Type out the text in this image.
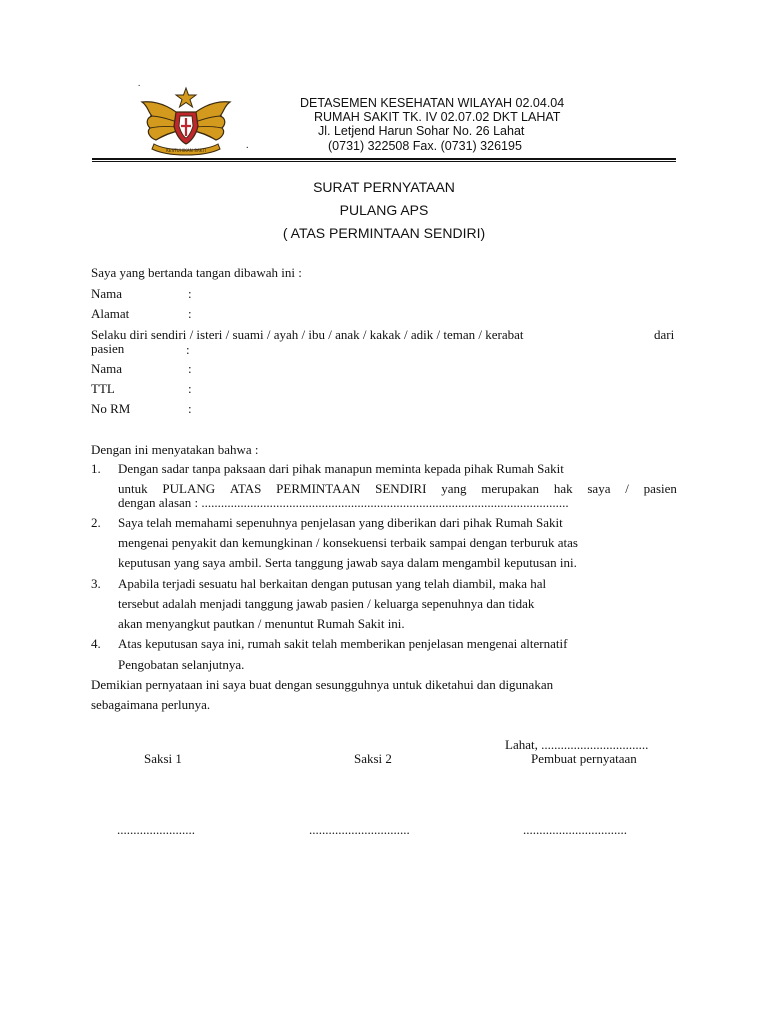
.
KESTUHIKAN SAKTI
DETASEMEN KESEHATAN WILAYAH 02.04.04
RUMAH SAKIT TK. IV 02.07.02 DKT LAHAT
Jl. Letjend Harun Sohar No. 26 Lahat
.	(0731) 322508 Fax. (0731) 326195
SURAT PERNYATAAN
PULANG APS
( ATAS PERMINTAAN SENDIRI)
Saya yang bertanda tangan dibawah ini :
Nama	:
Alamat	:
Selaku diri sendiri / isteri / suami / ayah / ibu / anak / kakak / adik / teman / kerabat	dari
pasien	:
Nama	:
TTL	:
No RM	:
Dengan ini menyatakan bahwa :
1. Dengan sadar tanpa paksaan dari pihak manapun meminta kepada pihak Rumah Sakit
untuk PULANG ATAS PERMINTAAN SENDIRI yang merupakan hak saya / pasien
dengan alasan : .................................................................................................................
2. Saya telah memahami sepenuhnya penjelasan yang diberikan dari pihak Rumah Sakit
mengenai penyakit dan kemungkinan / konsekuensi terbaik sampai dengan terburuk atas
keputusan yang saya ambil. Serta tanggung jawab saya dalam mengambil keputusan ini.
3. Apabila terjadi sesuatu hal berkaitan dengan putusan yang telah diambil, maka hal
tersebut adalah menjadi tanggung jawab pasien / keluarga sepenuhnya dan tidak
akan menyangkut pautkan / menuntut Rumah Sakit ini.
4. Atas keputusan saya ini, rumah sakit telah memberikan penjelasan mengenai alternatif
Pengobatan selanjutnya.
Demikian pernyataan ini saya buat dengan sesungguhnya untuk diketahui dan digunakan
sebagaimana perlunya.
Lahat, .................................
Saksi 1	Saksi 2	Pembuat pernyataan
........................	...............................	................................
